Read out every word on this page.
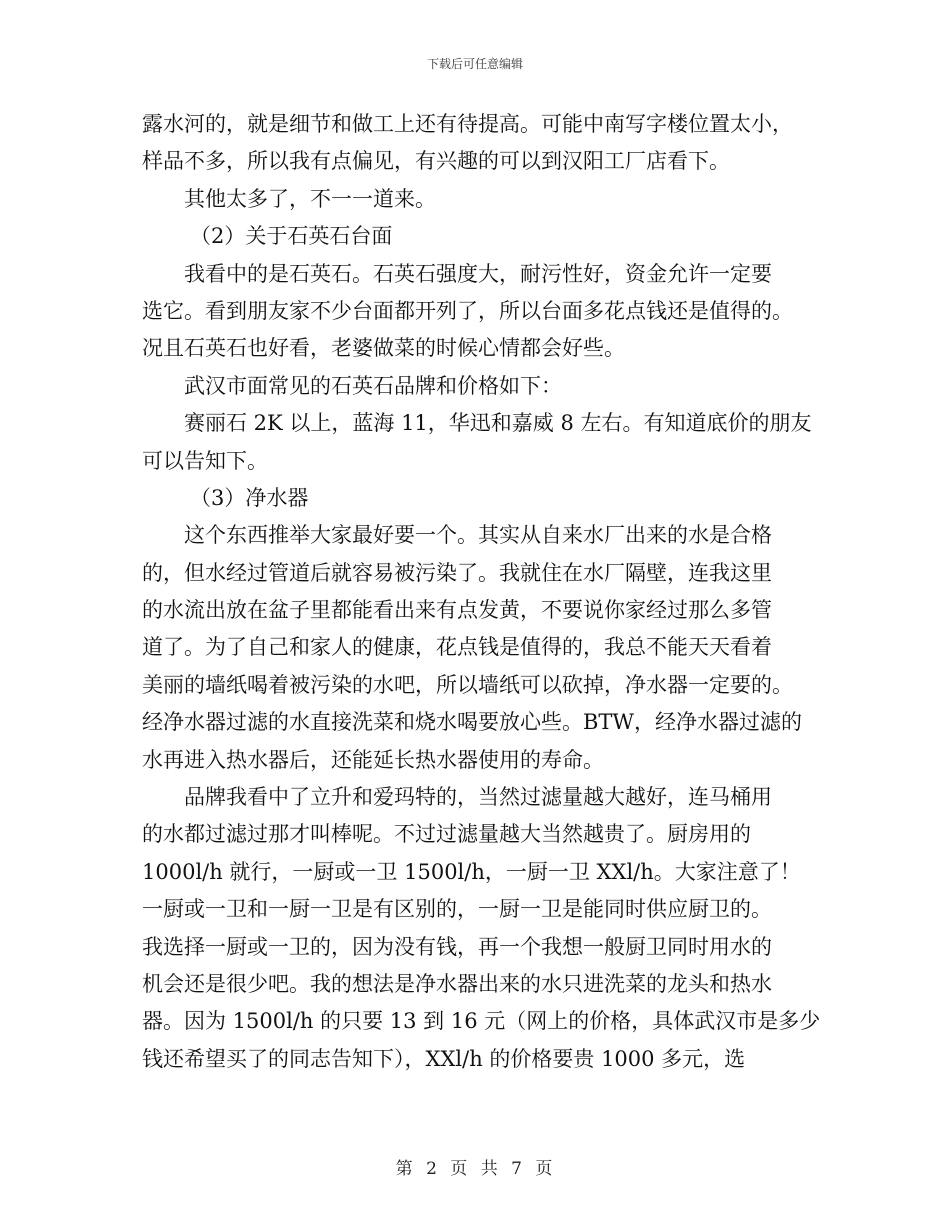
下载后可任意编辑
露水河的，就是细节和做工上还有待提高。可能中南写字楼位置太小，
样品不多，所以我有点偏见，有兴趣的可以到汉阳工厂店看下。
其他太多了，不一一道来。
（2）关于石英石台面
我看中的是石英石。石英石强度大，耐污性好，资金允许一定要
选它。看到朋友家不少台面都开列了，所以台面多花点钱还是值得的。
况且石英石也好看，老婆做菜的时候心情都会好些。
武汉市面常见的石英石品牌和价格如下：
赛丽石 2K 以上，蓝海 11，华迅和嘉威 8 左右。有知道底价的朋友
可以告知下。
（3）净水器
这个东西推举大家最好要一个。其实从自来水厂出来的水是合格
的，但水经过管道后就容易被污染了。我就住在水厂隔壁，连我这里
的水流出放在盆子里都能看出来有点发黄，不要说你家经过那么多管
道了。为了自己和家人的健康，花点钱是值得的，我总不能天天看着
美丽的墙纸喝着被污染的水吧，所以墙纸可以砍掉，净水器一定要的。
经净水器过滤的水直接洗菜和烧水喝要放心些。BTW，经净水器过滤的
水再进入热水器后，还能延长热水器使用的寿命。
品牌我看中了立升和爱玛特的，当然过滤量越大越好，连马桶用
的水都过滤过那才叫棒呢。不过过滤量越大当然越贵了。厨房用的
1000l/h 就行，一厨或一卫 1500l/h，一厨一卫 XXl/h。大家注意了！
一厨或一卫和一厨一卫是有区别的，一厨一卫是能同时供应厨卫的。
我选择一厨或一卫的，因为没有钱，再一个我想一般厨卫同时用水的
机会还是很少吧。我的想法是净水器出来的水只进洗菜的龙头和热水
器。因为 1500l/h 的只要 13 到 16 元（网上的价格，具体武汉市是多少
钱还希望买了的同志告知下），XXl/h 的价格要贵 1000 多元，选
第 2 页 共 7 页
